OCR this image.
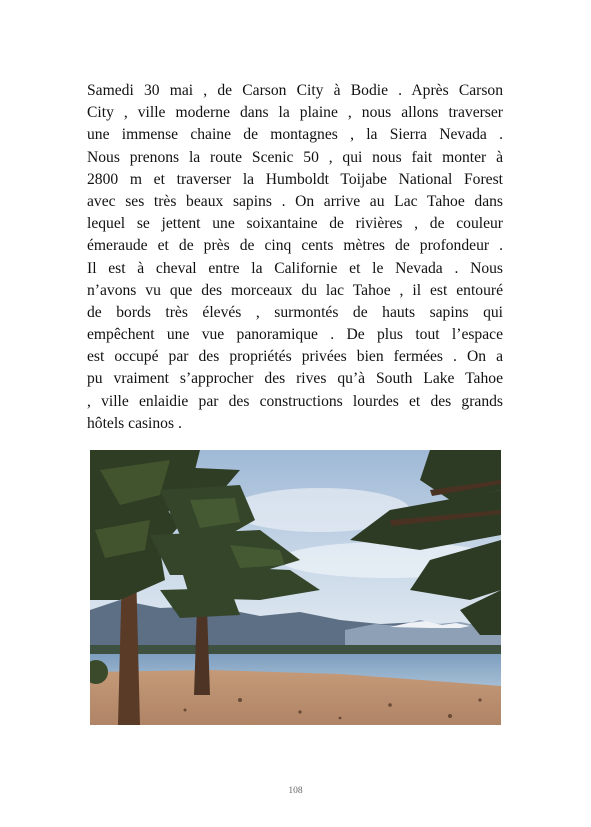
Samedi 30 mai , de Carson City à Bodie . Après Carson
City , ville moderne dans la plaine , nous allons traverser
une immense chaine de montagnes , la Sierra Nevada .
Nous prenons la route Scenic 50 , qui nous fait monter à
2800 m et traverser la Humboldt Toijabe National Forest
avec ses très beaux sapins . On arrive au Lac Tahoe dans
lequel se jettent une soixantaine de rivières , de couleur
émeraude et de près de cinq cents mètres de profondeur .
Il est à cheval entre la Californie et le Nevada . Nous
n’avons vu que des morceaux du lac Tahoe , il est entouré
de bords très élevés , surmontés de hauts sapins qui
empêchent une vue panoramique . De plus tout l’espace
est occupé par des propriétés privées bien fermées . On a
pu vraiment s’approcher des rives qu’à South Lake Tahoe
, ville enlaidie par des constructions lourdes et des grands
hôtels casinos .

108
